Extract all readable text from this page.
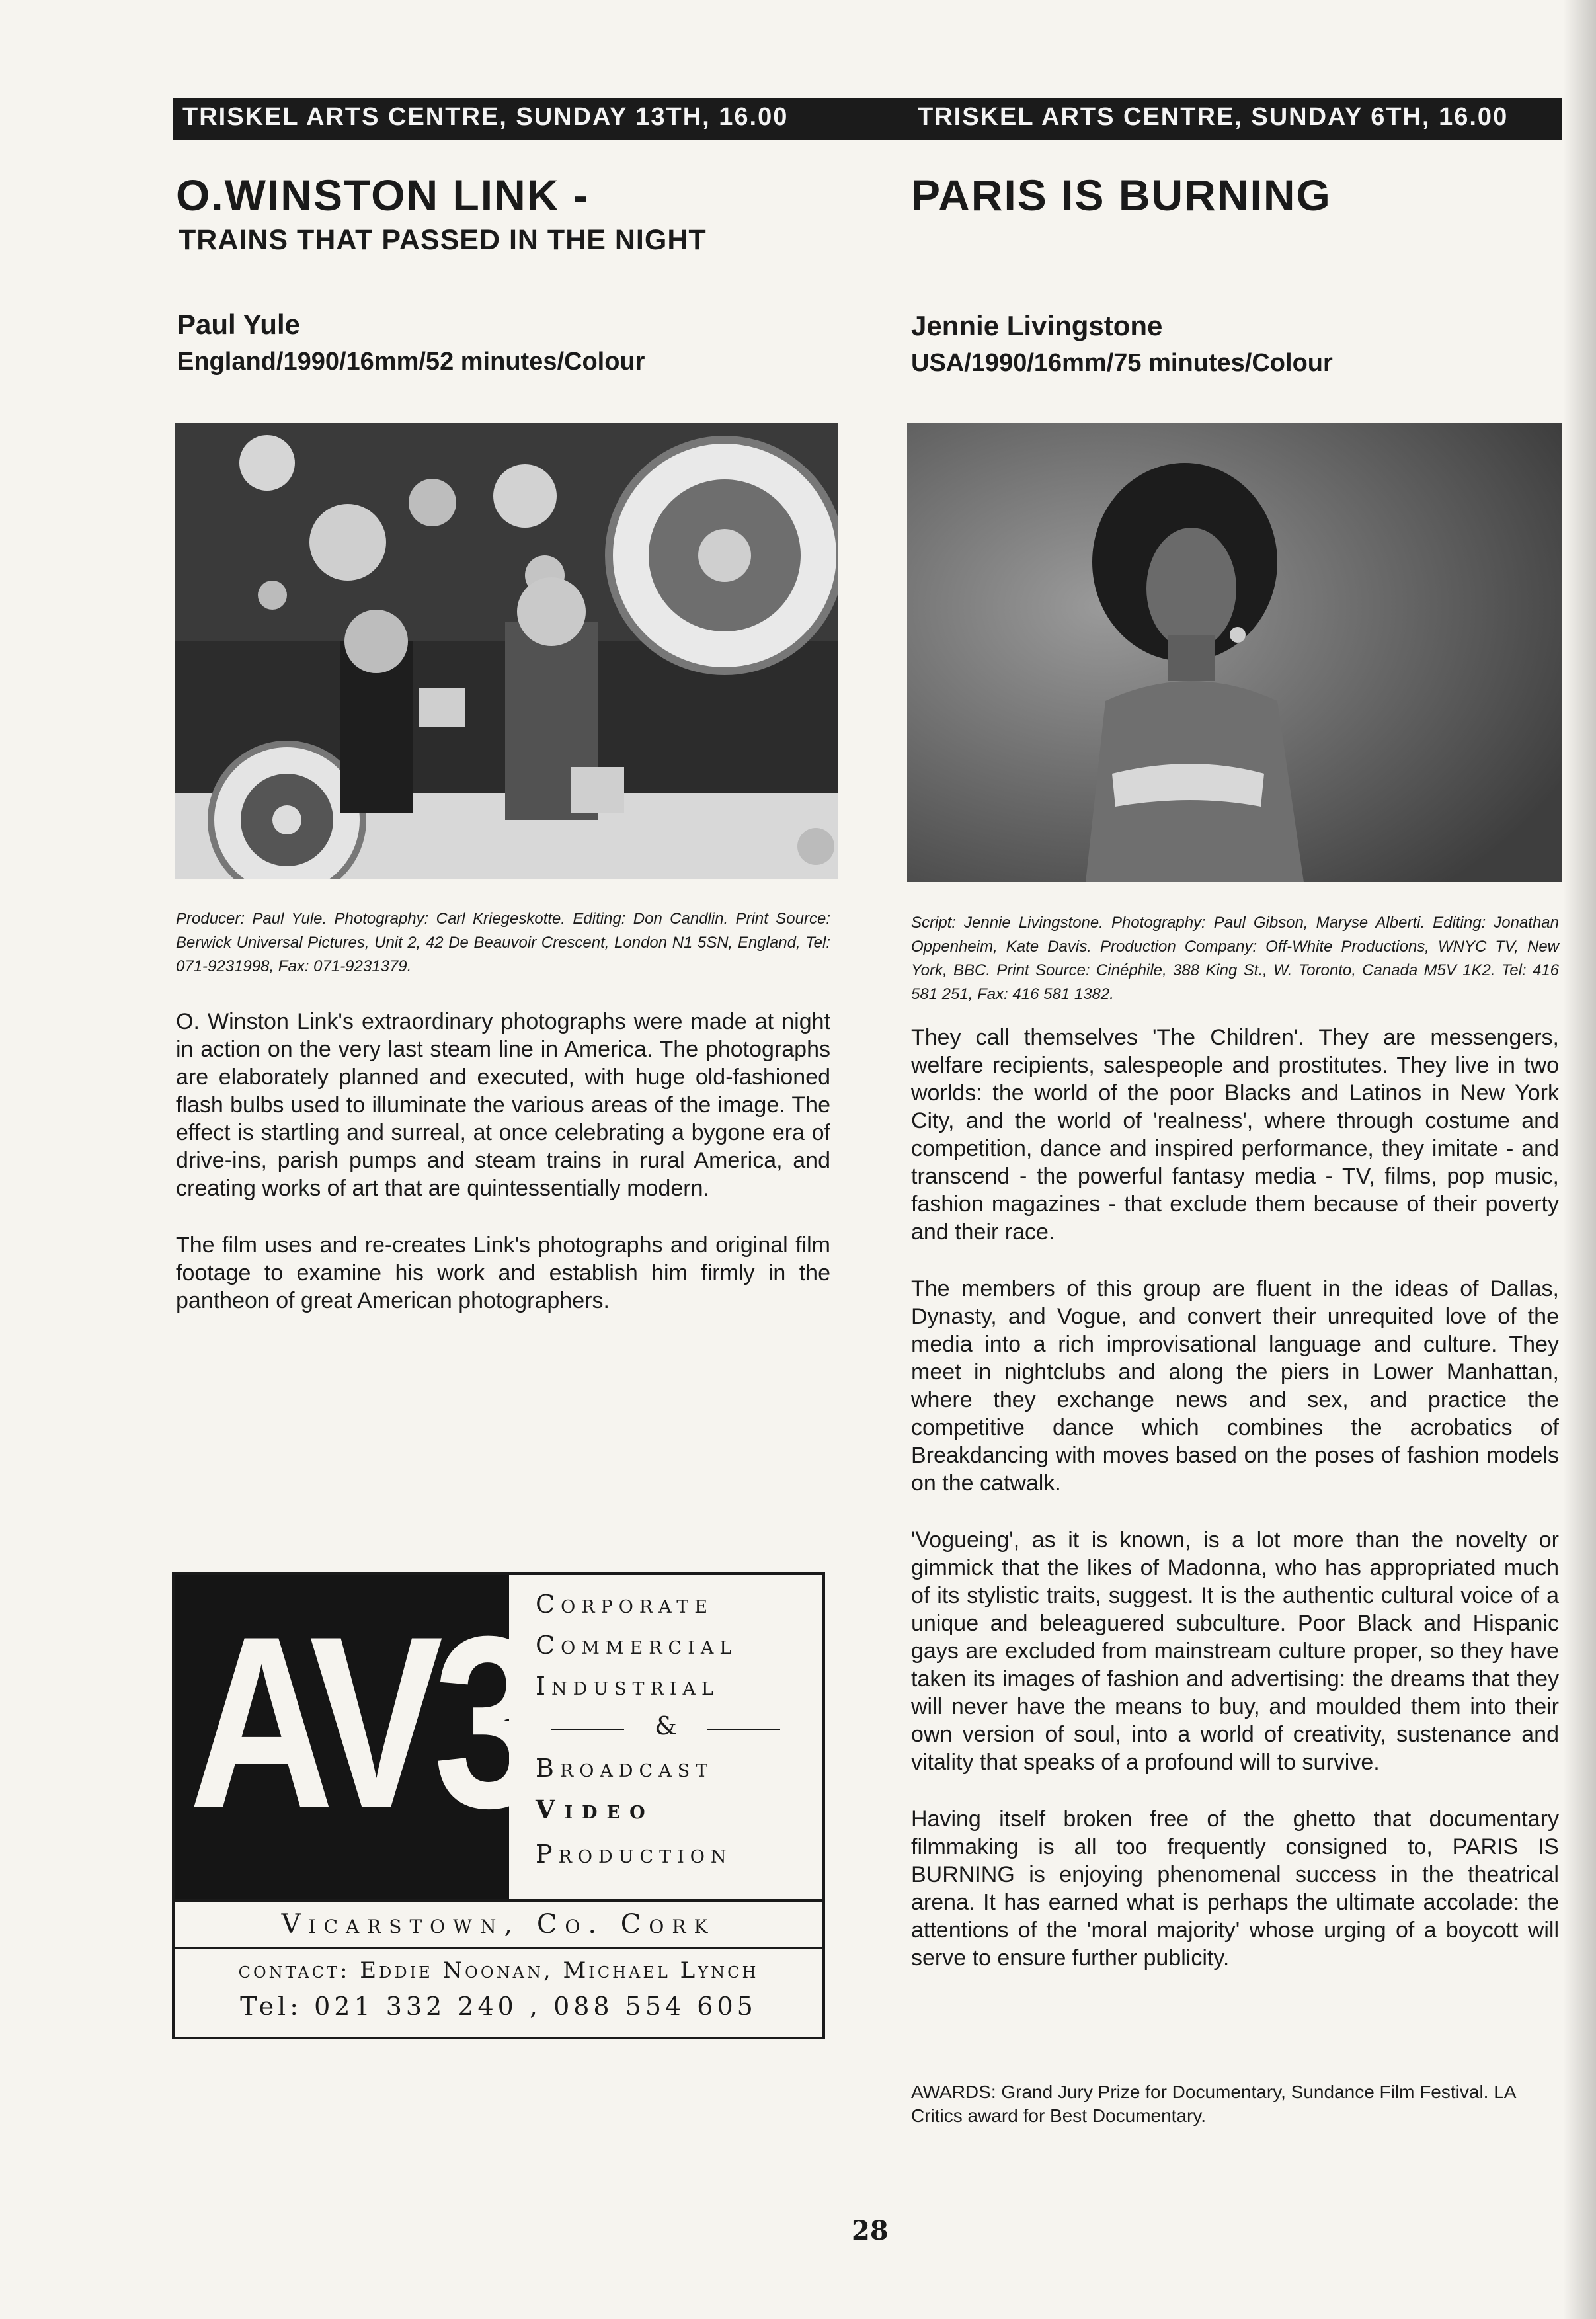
TRISKEL ARTS CENTRE, SUNDAY 13TH, 16.00	TRISKEL ARTS CENTRE, SUNDAY 6TH, 16.00
O.WINSTON LINK -
TRAINS THAT PASSED IN THE NIGHT
Paul Yule
England/1990/16mm/52 minutes/Colour
Producer: Paul Yule. Photography: Carl Kriegeskotte. Editing: Don Candlin. Print Source: Berwick Universal Pictures, Unit 2, 42 De Beauvoir Crescent, London N1 5SN, England, Tel: 071-9231998, Fax: 071-9231379.

O. Winston Link's extraordinary photographs were made at night in action on the very last steam line in America. The photographs are elaborately planned and executed, with huge old-fashioned flash bulbs used to illuminate the various areas of the image. The effect is startling and surreal, at once celebrating a bygone era of drive-ins, parish pumps and steam trains in rural America, and creating works of art that are quintessentially modern.

The film uses and re-creates Link's photographs and original film footage to examine his work and establish him firmly in the pantheon of great American photographers.

AV3 Corporate
Commercial
Industrial
&
Broadcast
Video
Production
Vicarstown, Co. Cork
contact: Eddie Noonan, Michael Lynch
Tel: 021 332 240 , 088 554 605
PARIS IS BURNING
Jennie Livingstone
USA/1990/16mm/75 minutes/Colour
Script: Jennie Livingstone. Photography: Paul Gibson, Maryse Alberti. Editing: Jonathan Oppenheim, Kate Davis. Production Company: Off-White Productions, WNYC TV, New York, BBC. Print Source: Cinéphile, 388 King St., W. Toronto, Canada M5V 1K2. Tel: 416 581 251, Fax: 416 581 1382.

They call themselves 'The Children'. They are messengers, welfare recipients, salespeople and prostitutes. They live in two worlds: the world of the poor Blacks and Latinos in New York City, and the world of 'realness', where through costume and competition, dance and inspired performance, they imitate - and transcend - the powerful fantasy media - TV, films, pop music, fashion magazines - that exclude them because of their poverty and their race.

The members of this group are fluent in the ideas of Dallas, Dynasty, and Vogue, and convert their unrequited love of the media into a rich improvisational language and culture. They meet in nightclubs and along the piers in Lower Manhattan, where they exchange news and sex, and practice the competitive dance which combines the acrobatics of Breakdancing with moves based on the poses of fashion models on the catwalk.

'Vogueing', as it is known, is a lot more than the novelty or gimmick that the likes of Madonna, who has appropriated much of its stylistic traits, suggest. It is the authentic cultural voice of a unique and beleaguered subculture. Poor Black and Hispanic gays are excluded from mainstream culture proper, so they have taken its images of fashion and advertising: the dreams that they will never have the means to buy, and moulded them into their own version of soul, into a world of creativity, sustenance and vitality that speaks of a profound will to survive.

Having itself broken free of the ghetto that documentary filmmaking is all too frequently consigned to, PARIS IS BURNING is enjoying phenomenal success in the theatrical arena. It has earned what is perhaps the ultimate accolade: the attentions of the 'moral majority' whose urging of a boycott will serve to ensure further publicity.

AWARDS: Grand Jury Prize for Documentary, Sundance Film Festival. LA Critics award for Best Documentary.
28
